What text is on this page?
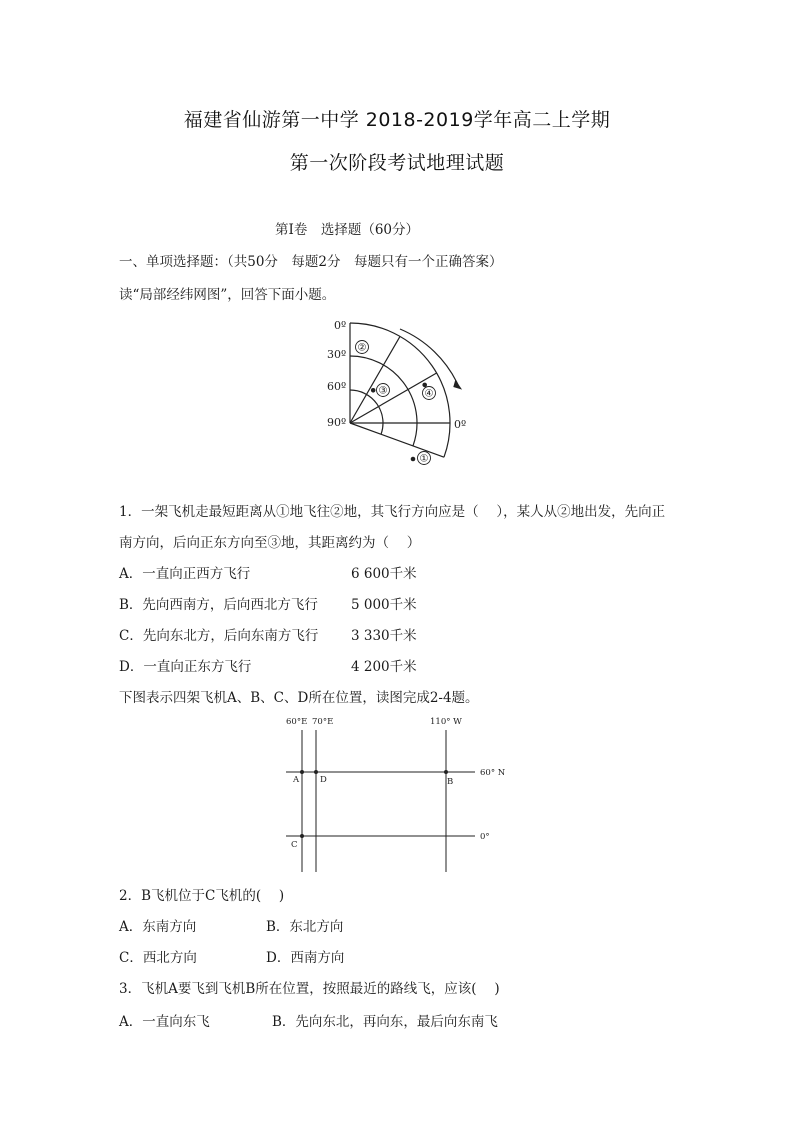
福建省仙游第一中学 2018-2019学年高二上学期
第一次阶段考试地理试题
第Ⅰ卷  选择题（60分）
一、单项选择题：（共50分　每题2分　每题只有一个正确答案）
读“局部经纬网图”，回答下面小题。
②
③	④
①
0º
30º
60º
90º	0º
1．一架飞机走最短距离从①地飞往②地，其飞行方向应是（　 ），某人从②地出发，先向正
南方向，后向正东方向至③地，其距离约为（　 ）
A．一直向正西方飞行	6 600千米
B．先向西南方，后向西北方飞行 5 000千米
C．先向东北方，后向东南方飞行 3 330千米
D．一直向正东方飞行	4 200千米
下图表示四架飞机A、B、C、D所在位置，读图完成2-4题。
60°E 70°E	110° W
60° N
0°
A D	B
C
2．B飞机位于C飞机的(　 )
A．东南方向	B．东北方向
C．西北方向	D．西南方向
3．飞机A要飞到飞机B所在位置，按照最近的路线飞，应该(　 )
A．一直向东飞	B．先向东北，再向东，最后向东南飞
